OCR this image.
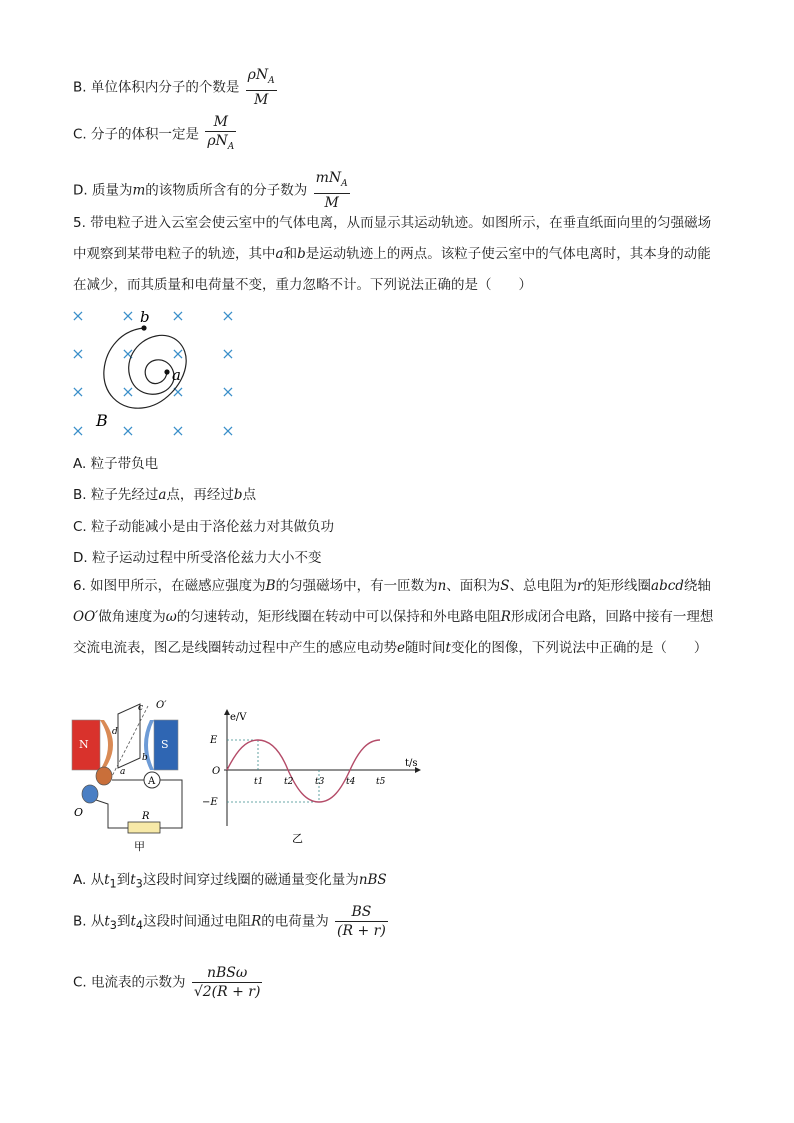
B. 单位体积内分子的个数是 $\frac{\rho N_A}{M}$
C. 分子的体积一定是 $\frac{M}{\rho N_A}$
D. 质量为m的该物质所含有的分子数为 $\frac{mN_A}{M}$
5. 带电粒子进入云室会使云室中的气体电离，从而显示其运动轨迹。如图所示，在垂直纸面向里的匀强磁场中观察到某带电粒子的轨迹，其中a和b是运动轨迹上的两点。该粒子使云室中的气体电离时，其本身的动能在减少，而其质量和电荷量不变，重力忽略不计。下列说法正确的是（　　）
× × × ×
× × × ×
× × × ×
× × × ×
b
a
B
A. 粒子带负电
B. 粒子先经过a点，再经过b点
C. 粒子动能减小是由于洛伦兹力对其做负功
D. 粒子运动过程中所受洛伦兹力大小不变
6. 如图甲所示，在磁感应强度为B的匀强磁场中，有一匝数为n、面积为S、总电阻为r的矩形线圈abcd绕轴OO′做角速度为ω的匀速转动，矩形线圈在转动中可以保持和外电路电阻R形成闭合电路，回路中接有一理想交流电流表，图乙是线圈转动过程中产生的感应电动势e随时间t变化的图像，下列说法中正确的是（　　）
N	S
c
d
b
a
O′
O
A
R
甲
e/V
t/s
E
−E
O
t1 t2 t3 t4 t5
乙
A. 从$t_1$到$t_3$这段时间穿过线圈的磁通量变化量为nBS
B. 从$t_3$到$t_4$这段时间通过电阻R的电荷量为 $\frac{BS}{(R + r)}$
C. 电流表的示数为 $\frac{\text{nBSω}}{√2(R + r)}$
